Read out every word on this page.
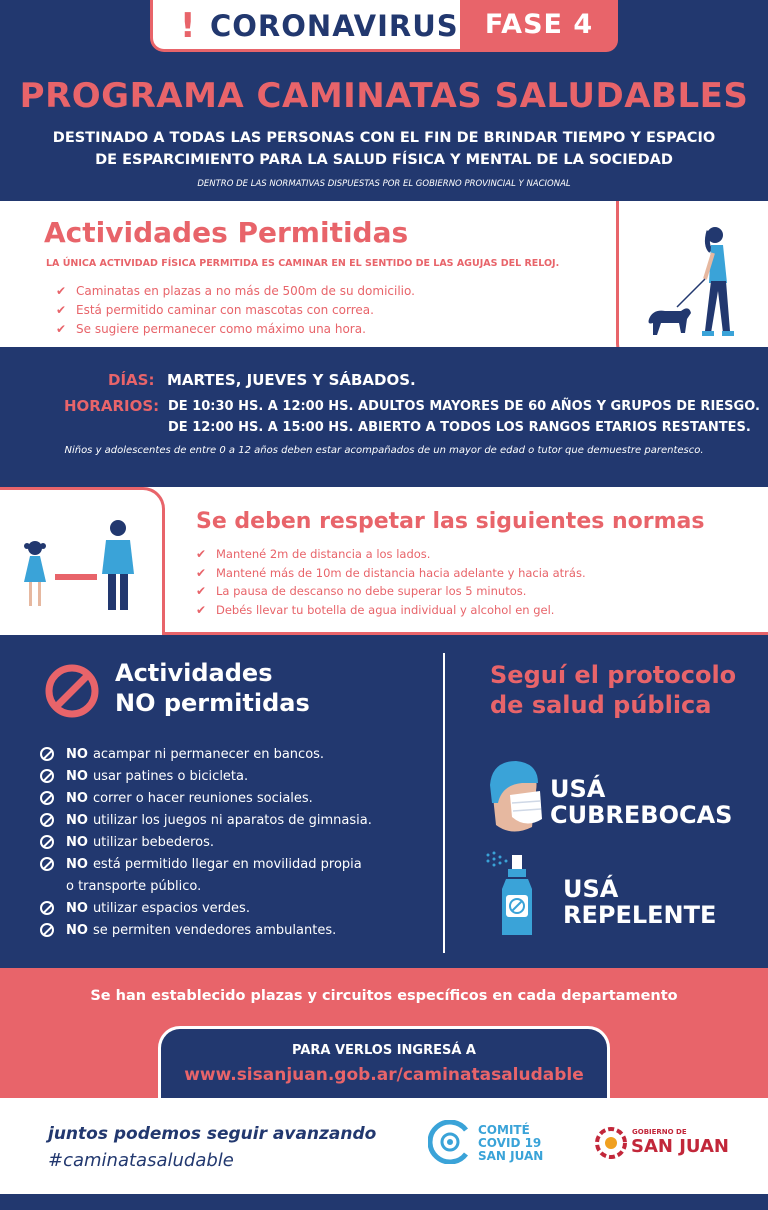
! CORONAVIRUS FASE 4
PROGRAMA CAMINATAS SALUDABLES
DESTINADO A TODAS LAS PERSONAS CON EL FIN DE BRINDAR TIEMPO Y ESPACIO
DE ESPARCIMIENTO PARA LA SALUD FÍSICA Y MENTAL DE LA SOCIEDAD
DENTRO DE LAS NORMATIVAS DISPUESTAS POR EL GOBIERNO PROVINCIAL Y NACIONAL
Actividades Permitidas
LA ÚNICA ACTIVIDAD FÍSICA PERMITIDA ES CAMINAR EN EL SENTIDO DE LAS AGUJAS DEL RELOJ.
✔ Caminatas en plazas a no más de 500m de su domicilio.
✔ Está permitido caminar con mascotas con correa.
✔ Se sugiere permanecer como máximo una hora.
DÍAS: MARTES, JUEVES Y SÁBADOS.
HORARIOS: DE 10:30 HS. A 12:00 HS. ADULTOS MAYORES DE 60 AÑOS Y GRUPOS DE RIESGO.
DE 12:00 HS. A 15:00 HS. ABIERTO A TODOS LOS RANGOS ETARIOS RESTANTES.
Niños y adolescentes de entre 0 a 12 años deben estar acompañados de un mayor de edad o tutor que demuestre parentesco.
Se deben respetar las siguientes normas
✔ Mantené 2m de distancia a los lados.
✔ Mantené más de 10m de distancia hacia adelante y hacia atrás.
✔ La pausa de descanso no debe superar los 5 minutos.
✔ Debés llevar tu botella de agua individual y alcohol en gel.
Actividades
NO permitidas
NO acampar ni permanecer en bancos.
NO usar patines o bicicleta.
NO correr o hacer reuniones sociales.
NO utilizar los juegos ni aparatos de gimnasia.
NO utilizar bebederos.
NO está permitido llegar en movilidad propia
o transporte público.
NO utilizar espacios verdes.
NO se permiten vendedores ambulantes.
Seguí el protocolo
de salud pública
USÁ
CUBREBOCAS
USÁ
REPELENTE
Se han establecido plazas y circuitos específicos en cada departamento
PARA VERLOS INGRESÁ A
www.sisanjuan.gob.ar/caminatasaludable
juntos podemos seguir avanzando
#caminatasaludable
COMITÉ
COVID 19
SAN JUAN
GOBIERNO DE
SAN JUAN
